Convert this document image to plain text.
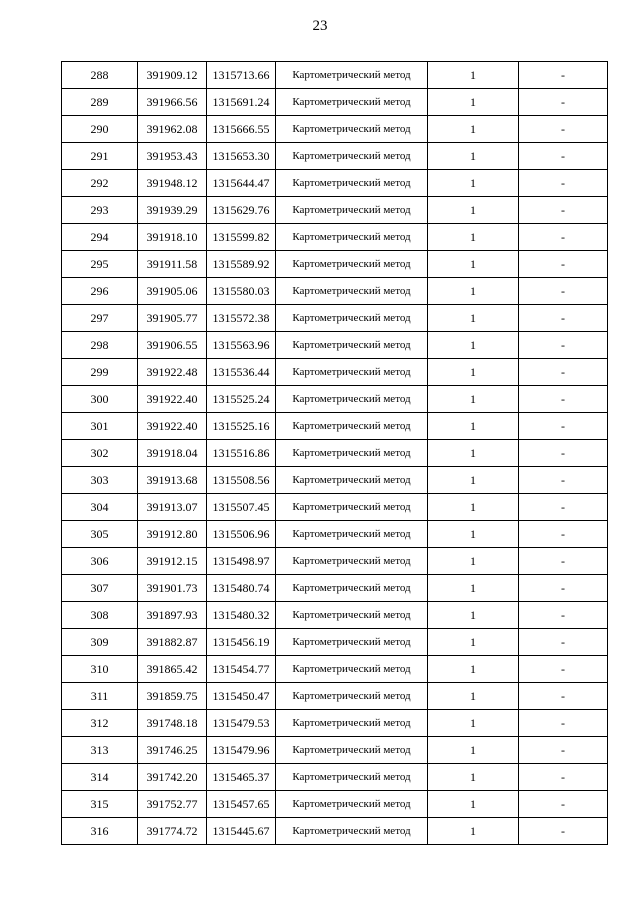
23
288	391909.12	1315713.66	Картометрический метод	1	-
289	391966.56	1315691.24	Картометрический метод	1	-
290	391962.08	1315666.55	Картометрический метод	1	-
291	391953.43	1315653.30	Картометрический метод	1	-
292	391948.12	1315644.47	Картометрический метод	1	-
293	391939.29	1315629.76	Картометрический метод	1	-
294	391918.10	1315599.82	Картометрический метод	1	-
295	391911.58	1315589.92	Картометрический метод	1	-
296	391905.06	1315580.03	Картометрический метод	1	-
297	391905.77	1315572.38	Картометрический метод	1	-
298	391906.55	1315563.96	Картометрический метод	1	-
299	391922.48	1315536.44	Картометрический метод	1	-
300	391922.40	1315525.24	Картометрический метод	1	-
301	391922.40	1315525.16	Картометрический метод	1	-
302	391918.04	1315516.86	Картометрический метод	1	-
303	391913.68	1315508.56	Картометрический метод	1	-
304	391913.07	1315507.45	Картометрический метод	1	-
305	391912.80	1315506.96	Картометрический метод	1	-
306	391912.15	1315498.97	Картометрический метод	1	-
307	391901.73	1315480.74	Картометрический метод	1	-
308	391897.93	1315480.32	Картометрический метод	1	-
309	391882.87	1315456.19	Картометрический метод	1	-
310	391865.42	1315454.77	Картометрический метод	1	-
311	391859.75	1315450.47	Картометрический метод	1	-
312	391748.18	1315479.53	Картометрический метод	1	-
313	391746.25	1315479.96	Картометрический метод	1	-
314	391742.20	1315465.37	Картометрический метод	1	-
315	391752.77	1315457.65	Картометрический метод	1	-
316	391774.72	1315445.67	Картометрический метод	1	-
